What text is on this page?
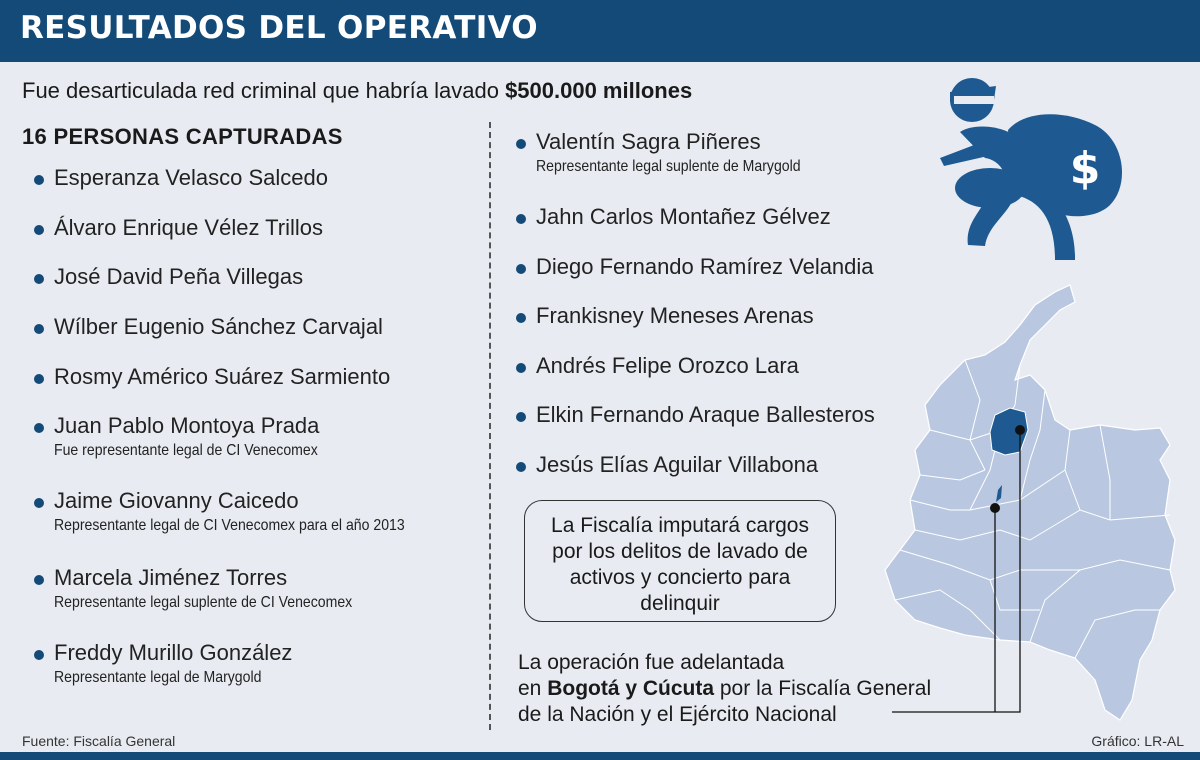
RESULTADOS DEL OPERATIVO
Fue desarticulada red criminal que habría lavado $500.000 millones
16 PERSONAS CAPTURADAS
Esperanza Velasco Salcedo
Álvaro Enrique Vélez Trillos
José David Peña Villegas
Wílber Eugenio Sánchez Carvajal
Rosmy Américo Suárez Sarmiento
Juan Pablo Montoya Prada
Fue representante legal de CI Venecomex
Jaime Giovanny Caicedo
Representante legal de CI Venecomex para el año 2013
Marcela Jiménez Torres
Representante legal suplente de CI Venecomex
Freddy Murillo González
Representante legal de Marygold
Valentín Sagra Piñeres
Representante legal suplente de Marygold
Jahn Carlos Montañez Gélvez
Diego Fernando Ramírez Velandia
Frankisney Meneses Arenas
Andrés Felipe Orozco Lara
Elkin Fernando Araque Ballesteros
Jesús Elías Aguilar Villabona
$
La Fiscalía imputará cargos
por los delitos de lavado de
activos y concierto para
delinquir
La operación fue adelantada
en Bogotá y Cúcuta por la Fiscalía General
de la Nación y el Ejército Nacional
Fuente: Fiscalía General	Gráfico: LR-AL
